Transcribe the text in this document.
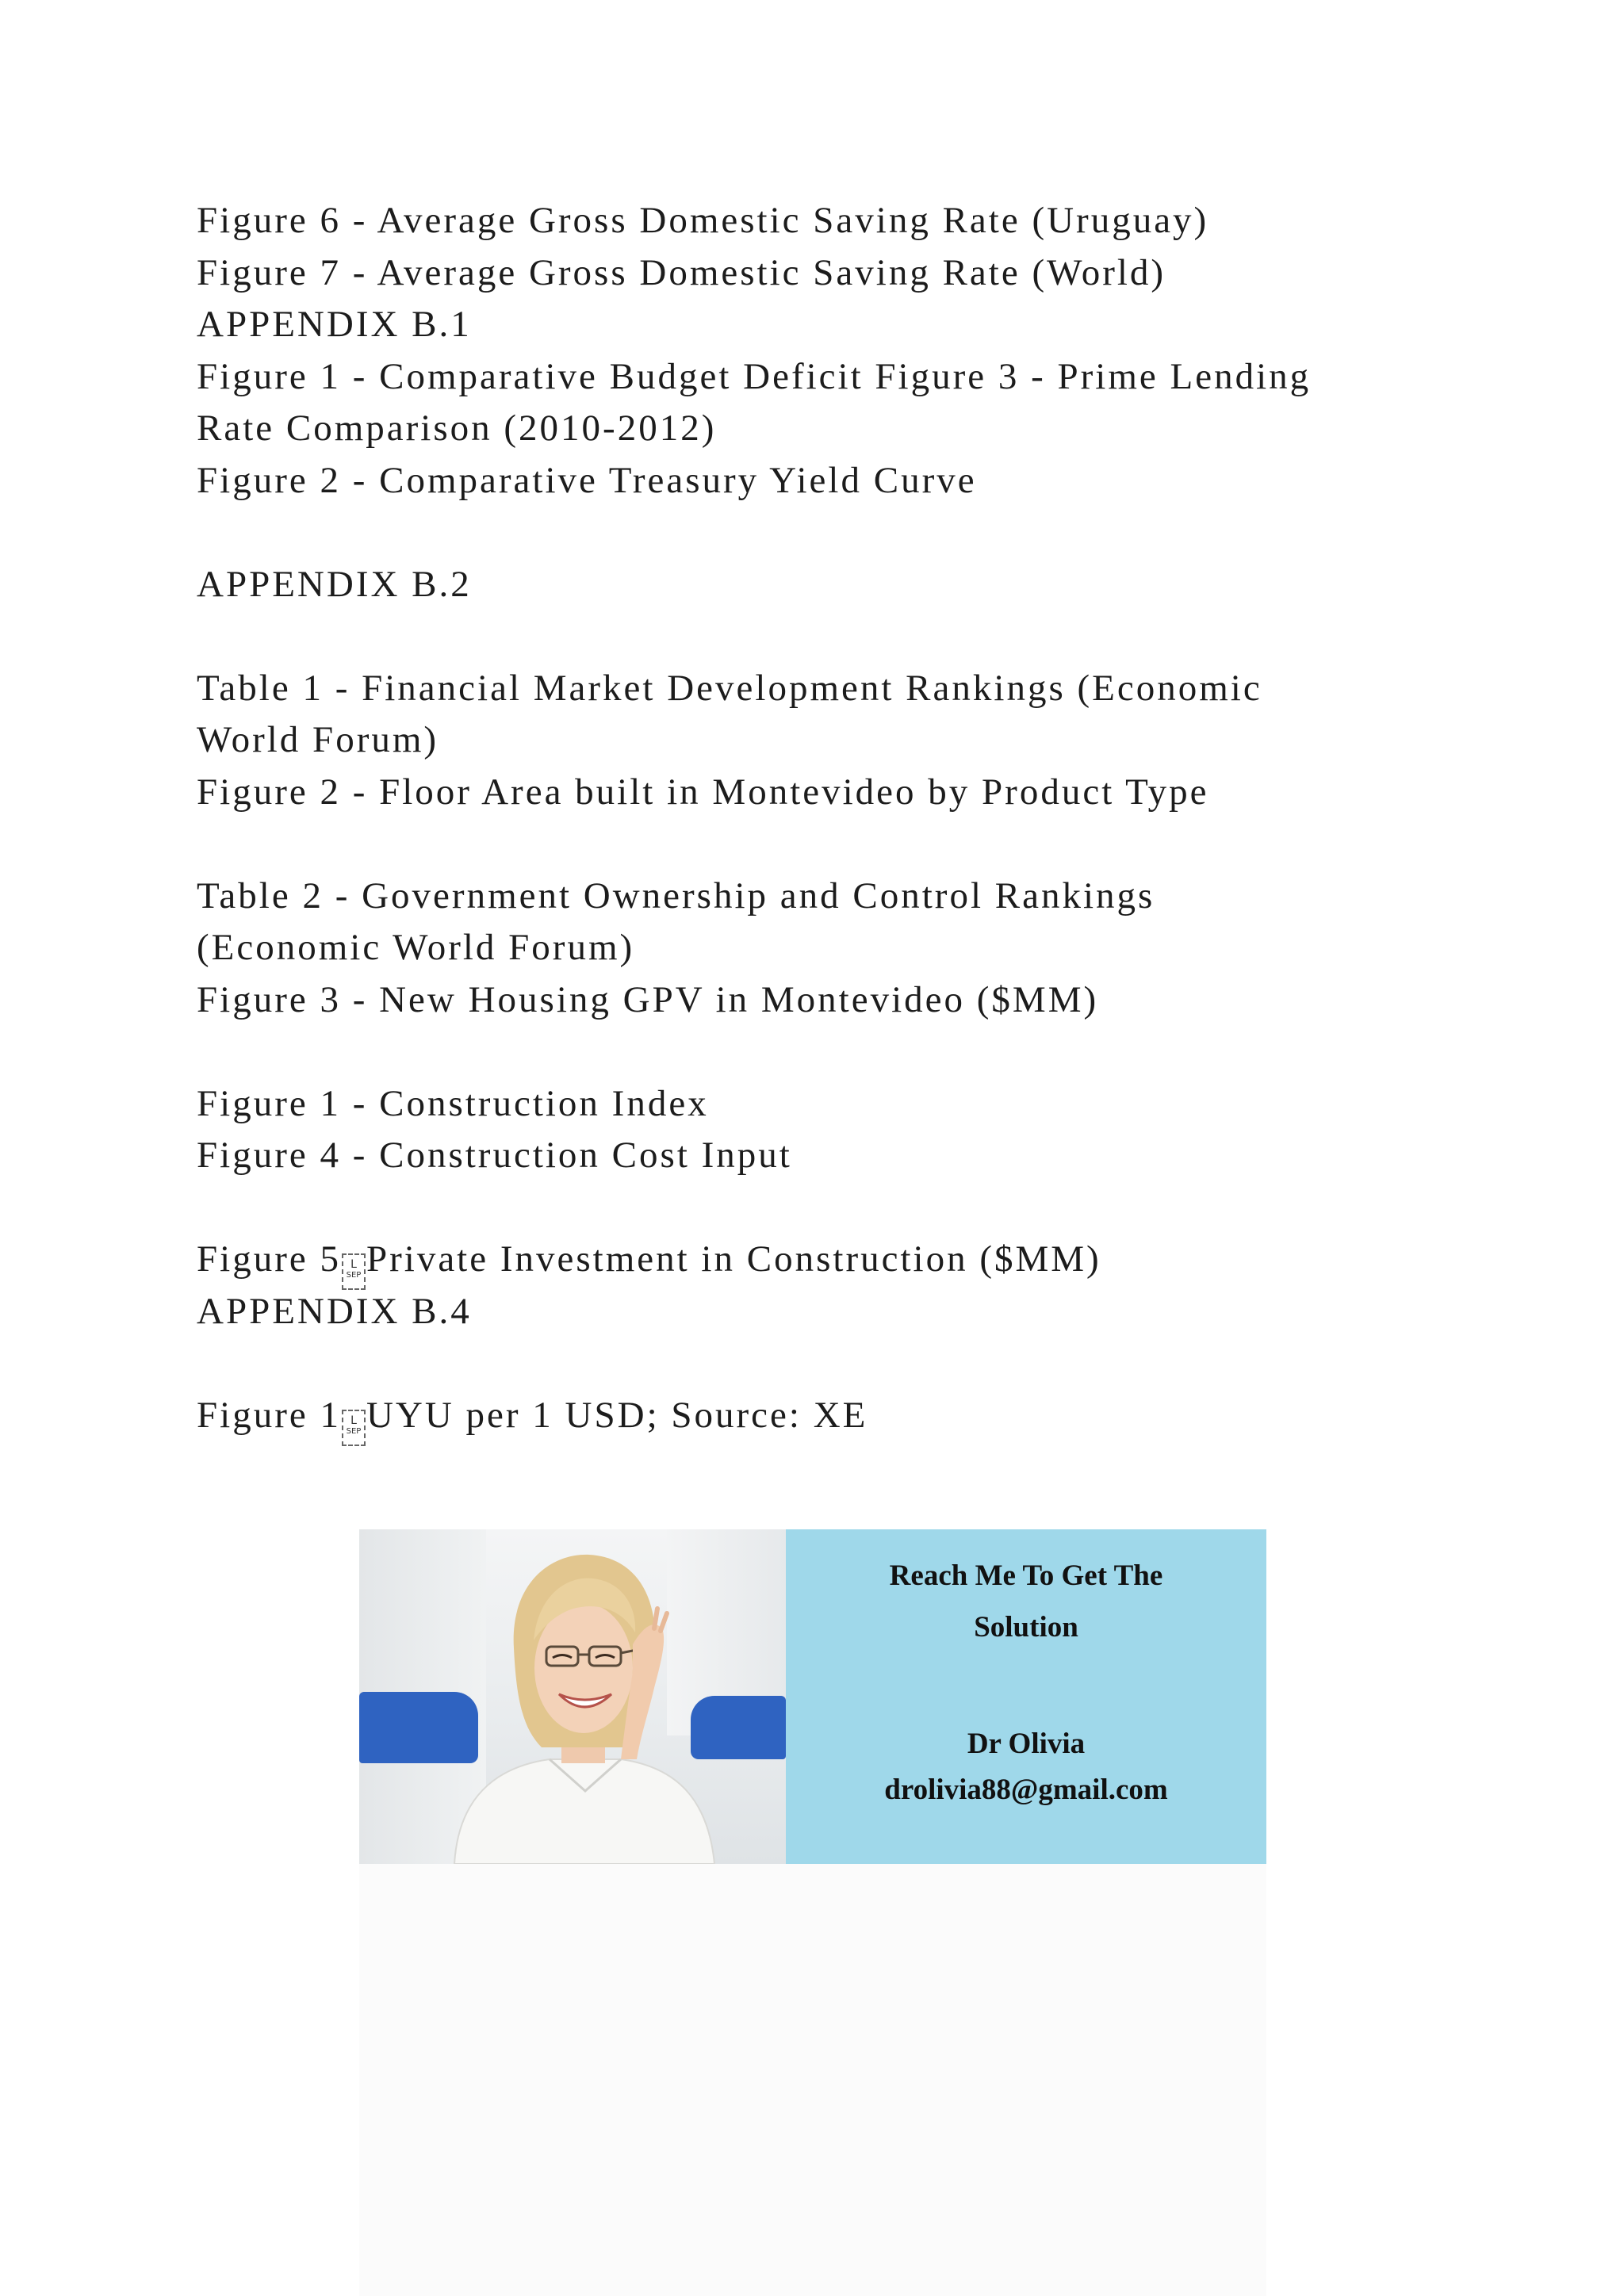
Figure 6 - Average Gross Domestic Saving Rate (Uruguay)
Figure 7 - Average Gross Domestic Saving Rate (World)
APPENDIX B.1
Figure 1 - Comparative Budget Deficit Figure 3 - Prime Lending
Rate Comparison (2010-2012)
Figure 2 - Comparative Treasury Yield Curve
APPENDIX B.2
Table 1 - Financial Market Development Rankings (Economic
World Forum)
Figure 2 - Floor Area built in Montevideo by Product Type
Table 2 - Government Ownership and Control Rankings
(Economic World Forum)
Figure 3 - New Housing GPV in Montevideo ($MM)
Figure 1 - Construction Index
Figure 4 - Construction Cost Input
Figure 5 L
SEP Private Investment in Construction ($MM)
APPENDIX B.4
Figure 1 L
SEP UYU per 1 USD; Source: XE
Reach Me To Get The
Solution
Dr Olivia
drolivia88@gmail.com
